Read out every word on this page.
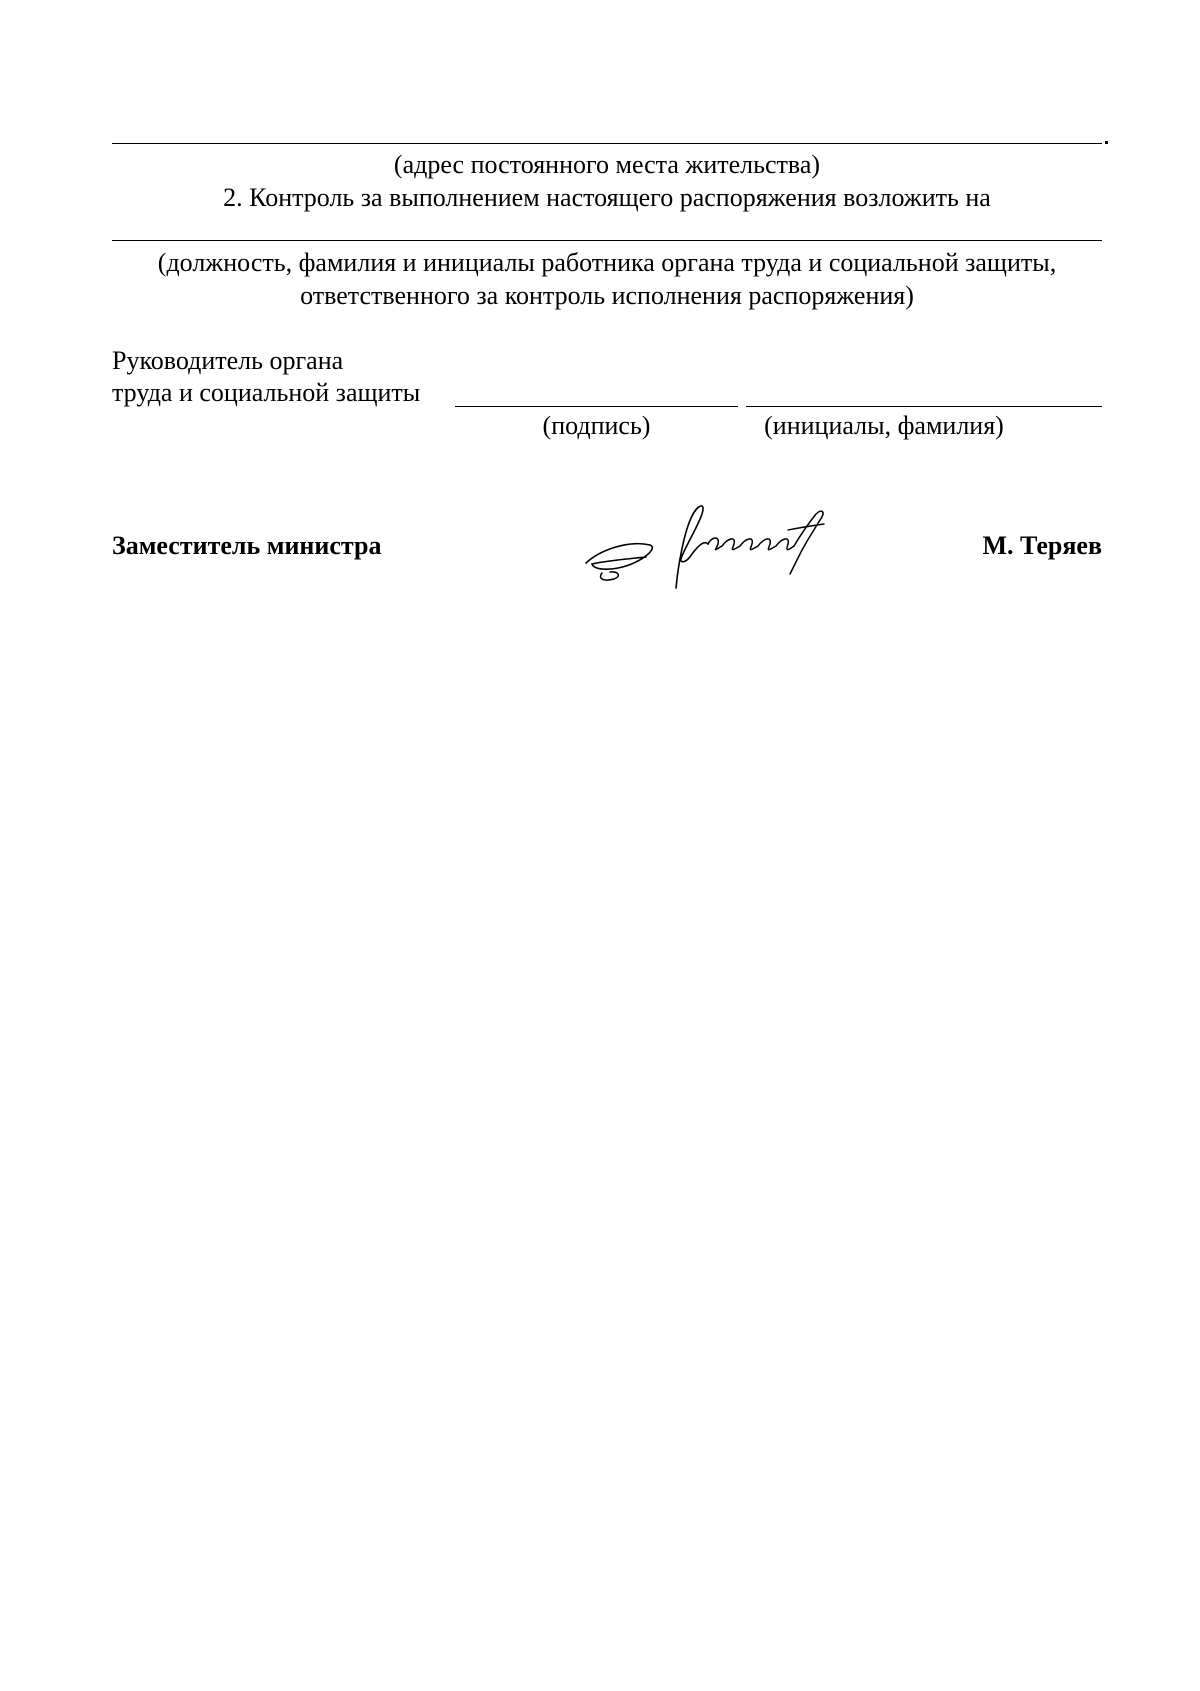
(адрес постоянного места жительства)
2. Контроль за выполнением настоящего распоряжения возложить на
(должность, фамилия и инициалы работника органа труда и социальной защиты,
ответственного за контроль исполнения распоряжения)
Руководитель органа
труда и социальной защиты
(подпись)	(инициалы, фамилия)
Заместитель министра	М. Теряев
